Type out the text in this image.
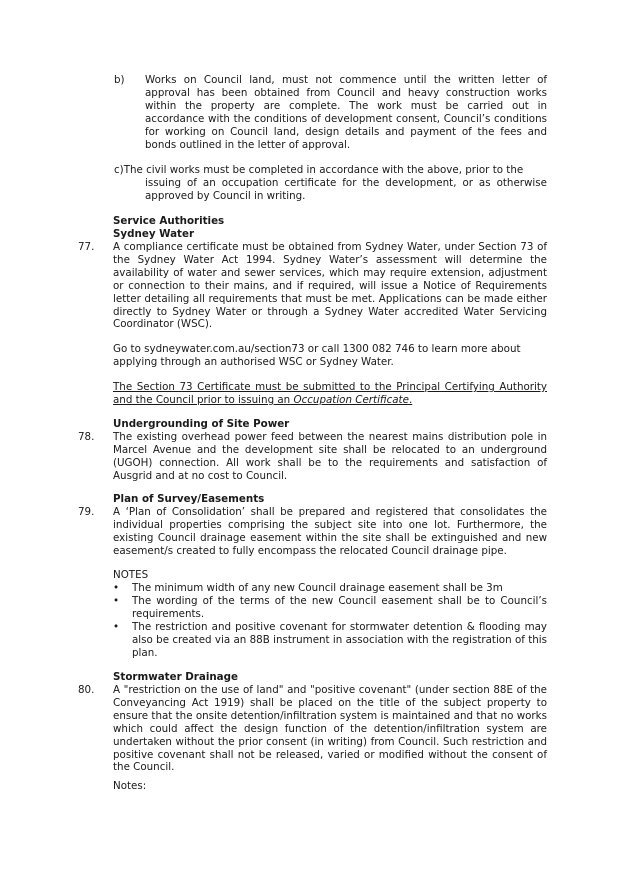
b) Works on Council land, must not commence until the written letter of approval has been obtained from Council and heavy construction works within the property are complete. The work must be carried out in accordance with the conditions of development consent, Council’s conditions for working on Council land, design details and payment of the fees and bonds outlined in the letter of approval.
c)The civil works must be completed in accordance with the above, prior to the
issuing of an occupation certificate for the development, or as otherwise approved by Council in writing.
Service Authorities
Sydney Water
77. A compliance certificate must be obtained from Sydney Water, under Section 73 of the Sydney Water Act 1994. Sydney Water’s assessment will determine the availability of water and sewer services, which may require extension, adjustment or connection to their mains, and if required, will issue a Notice of Requirements letter detailing all requirements that must be met. Applications can be made either directly to Sydney Water or through a Sydney Water accredited Water Servicing Coordinator (WSC).
Go to sydneywater.com.au/section73 or call 1300 082 746 to learn more about applying through an authorised WSC or Sydney Water.
The Section 73 Certificate must be submitted to the Principal Certifying Authority and the Council prior to issuing an Occupation Certificate.
Undergrounding of Site Power
78. The existing overhead power feed between the nearest mains distribution pole in Marcel Avenue and the development site shall be relocated to an underground (UGOH) connection. All work shall be to the requirements and satisfaction of Ausgrid and at no cost to Council.
Plan of Survey/Easements
79. A ‘Plan of Consolidation’ shall be prepared and registered that consolidates the individual properties comprising the subject site into one lot. Furthermore, the existing Council drainage easement within the site shall be extinguished and new easement/s created to fully encompass the relocated Council drainage pipe.
NOTES
• The minimum width of any new Council drainage easement shall be 3m
• The wording of the terms of the new Council easement shall be to Council’s requirements.
• The restriction and positive covenant for stormwater detention & flooding may also be created via an 88B instrument in association with the registration of this plan.
Stormwater Drainage
80. A "restriction on the use of land" and "positive covenant" (under section 88E of the Conveyancing Act 1919) shall be placed on the title of the subject property to ensure that the onsite detention/infiltration system is maintained and that no works which could affect the design function of the detention/infiltration system are undertaken without the prior consent (in writing) from Council. Such restriction and positive covenant shall not be released, varied or modified without the consent of the Council.
Notes:
